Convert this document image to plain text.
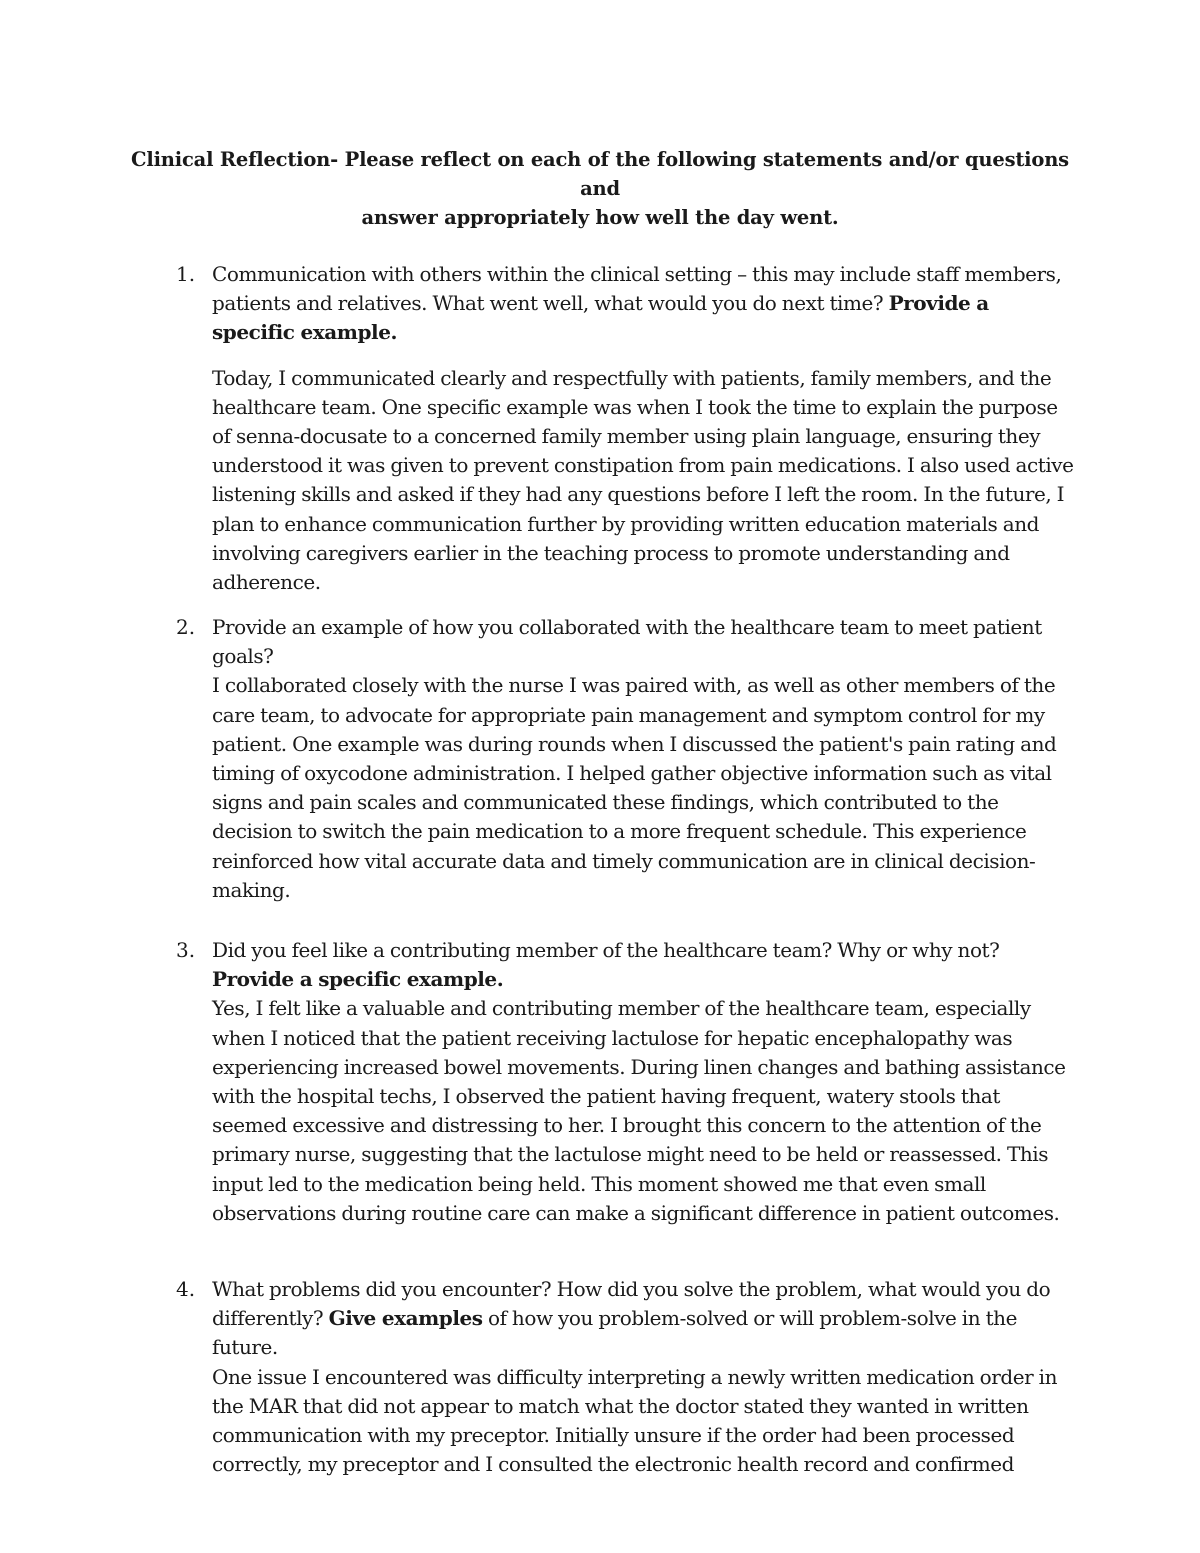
Clinical Reflection- Please reflect on each of the following statements and/or questions and
answer appropriately how well the day went.
1. Communication with others within the clinical setting – this may include staff members, patients and relatives. What went well, what would you do next time? Provide a specific example.

Today, I communicated clearly and respectfully with patients, family members, and the healthcare team. One specific example was when I took the time to explain the purpose of senna-docusate to a concerned family member using plain language, ensuring they understood it was given to prevent constipation from pain medications. I also used active listening skills and asked if they had any questions before I left the room. In the future, I plan to enhance communication further by providing written education materials and involving caregivers earlier in the teaching process to promote understanding and adherence.

2. Provide an example of how you collaborated with the healthcare team to meet patient goals?

I collaborated closely with the nurse I was paired with, as well as other members of the care team, to advocate for appropriate pain management and symptom control for my patient. One example was during rounds when I discussed the patient's pain rating and timing of oxycodone administration. I helped gather objective information such as vital signs and pain scales and communicated these findings, which contributed to the decision to switch the pain medication to a more frequent schedule. This experience reinforced how vital accurate data and timely communication are in clinical decision-making.

3. Did you feel like a contributing member of the healthcare team? Why or why not?

Provide a specific example.

Yes, I felt like a valuable and contributing member of the healthcare team, especially when I noticed that the patient receiving lactulose for hepatic encephalopathy was experiencing increased bowel movements. During linen changes and bathing assistance with the hospital techs, I observed the patient having frequent, watery stools that seemed excessive and distressing to her. I brought this concern to the attention of the primary nurse, suggesting that the lactulose might need to be held or reassessed. This input led to the medication being held. This moment showed me that even small observations during routine care can make a significant difference in patient outcomes.

4. What problems did you encounter? How did you solve the problem, what would you do differently? Give examples of how you problem-solved or will problem-solve in the future.

One issue I encountered was difficulty interpreting a newly written medication order in the MAR that did not appear to match what the doctor stated they wanted in written communication with my preceptor. Initially unsure if the order had been processed correctly, my preceptor and I consulted the electronic health record and confirmed
